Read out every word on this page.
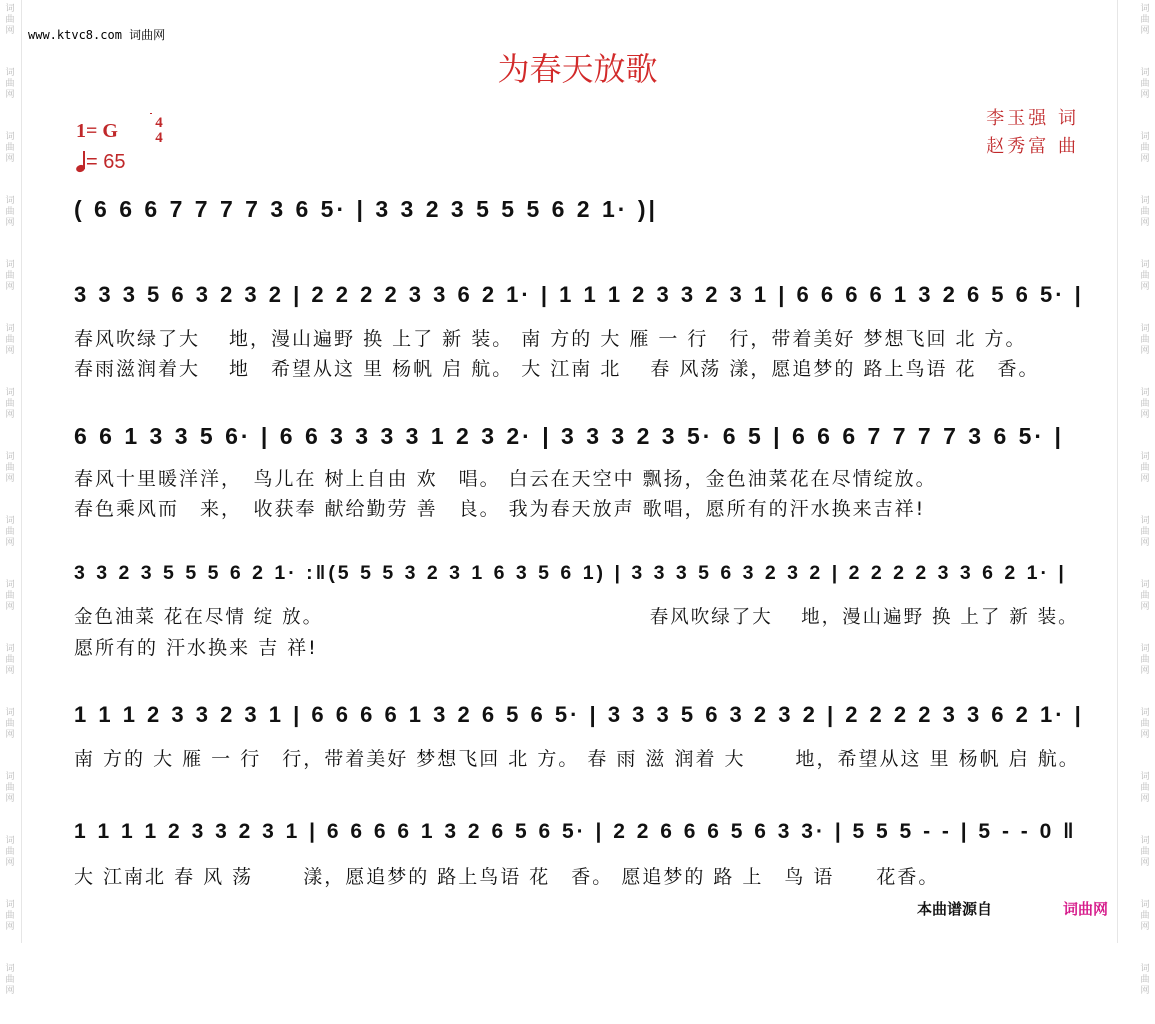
词
曲
网
词
曲
网
词
曲
网
词
曲
网
词
曲
网
词
曲
网
词
曲
网
词
曲
网
词
曲
网
词
曲
网
词
曲
网
词
曲
网
词
曲
网
词
曲
网
词
曲
网
词
曲
网
词
曲
网
词
曲
网
词
曲
网
词
曲
网
词
曲
网
词
曲
网
词
曲
网
词
曲
网
词
曲
网
词
曲
网
词
曲
网
词
曲
网
词
曲
网
词
曲
网
词
曲
网
词
曲
网
www.ktvc8.com 词曲网
为春天放歌
李玉强 词
赵秀富 曲
1= G	4
4
= 65
( 6 6 6 7 7 7 7 3 6 5· | 3 3 2 3 5 5 5 6 2 1· )|
3 3 3 5 6 3 2 3 2 | 2 2 2 2 3 3 6 2 1· | 1 1 1 2 3 3 2 3 1 | 6 6 6 6 1 3 2 6 5 6 5· |
春风吹绿了大　 地，漫山遍野 换 上了 新 装。 南 方的 大 雁 一 行　行，带着美好 梦想飞回 北 方。
春雨滋润着大　 地　希望从这 里 杨帆 启 航。 大 江南 北　 春 风荡 漾，愿追梦的 路上鸟语 花　香。
6 6 1 3 3 5 6· | 6 6 3 3 3 3 1 2 3 2· | 3 3 3 2 3 5· 6 5 | 6 6 6 7 7 7 7 3 6 5· |
春风十里暖洋洋，　鸟儿在 树上自由 欢　唱。 白云在天空中 飘扬，金色油菜花在尽情绽放。
春色乘风而　来，　收获奉 献给勤劳 善　良。 我为春天放声 歌唱，愿所有的汗水换来吉祥!
3 3 2 3 5 5 5 6 2 1· :‖(5 5 5 3 2 3 1 6 3 5 6 1) | 3 3 3 5 6 3 2 3 2 | 2 2 2 2 3 3 6 2 1· |
金色油菜 花在尽情 绽 放。　　　　　　　　　　　　　　　　 春风吹绿了大　 地，漫山遍野 换 上了 新 装。
愿所有的 汗水换来 吉 祥!
1 1 1 2 3 3 2 3 1 | 6 6 6 6 1 3 2 6 5 6 5· | 3 3 3 5 6 3 2 3 2 | 2 2 2 2 3 3 6 2 1· |
南 方的 大 雁 一 行　行，带着美好 梦想飞回 北 方。 春 雨 滋 润着 大　　 地，希望从这 里 杨帆 启 航。
1 1 1 1 2 3 3 2 3 1 | 6 6 6 6 1 3 2 6 5 6 5· | 2 2 6 6 6 5 6 3 3· | 5 5 5 - - | 5 - - 0 ‖
大 江南北 春 风 荡　　 漾，愿追梦的 路上鸟语 花　香。 愿追梦的 路 上　鸟 语　　花香。
本曲谱源自	词曲网
